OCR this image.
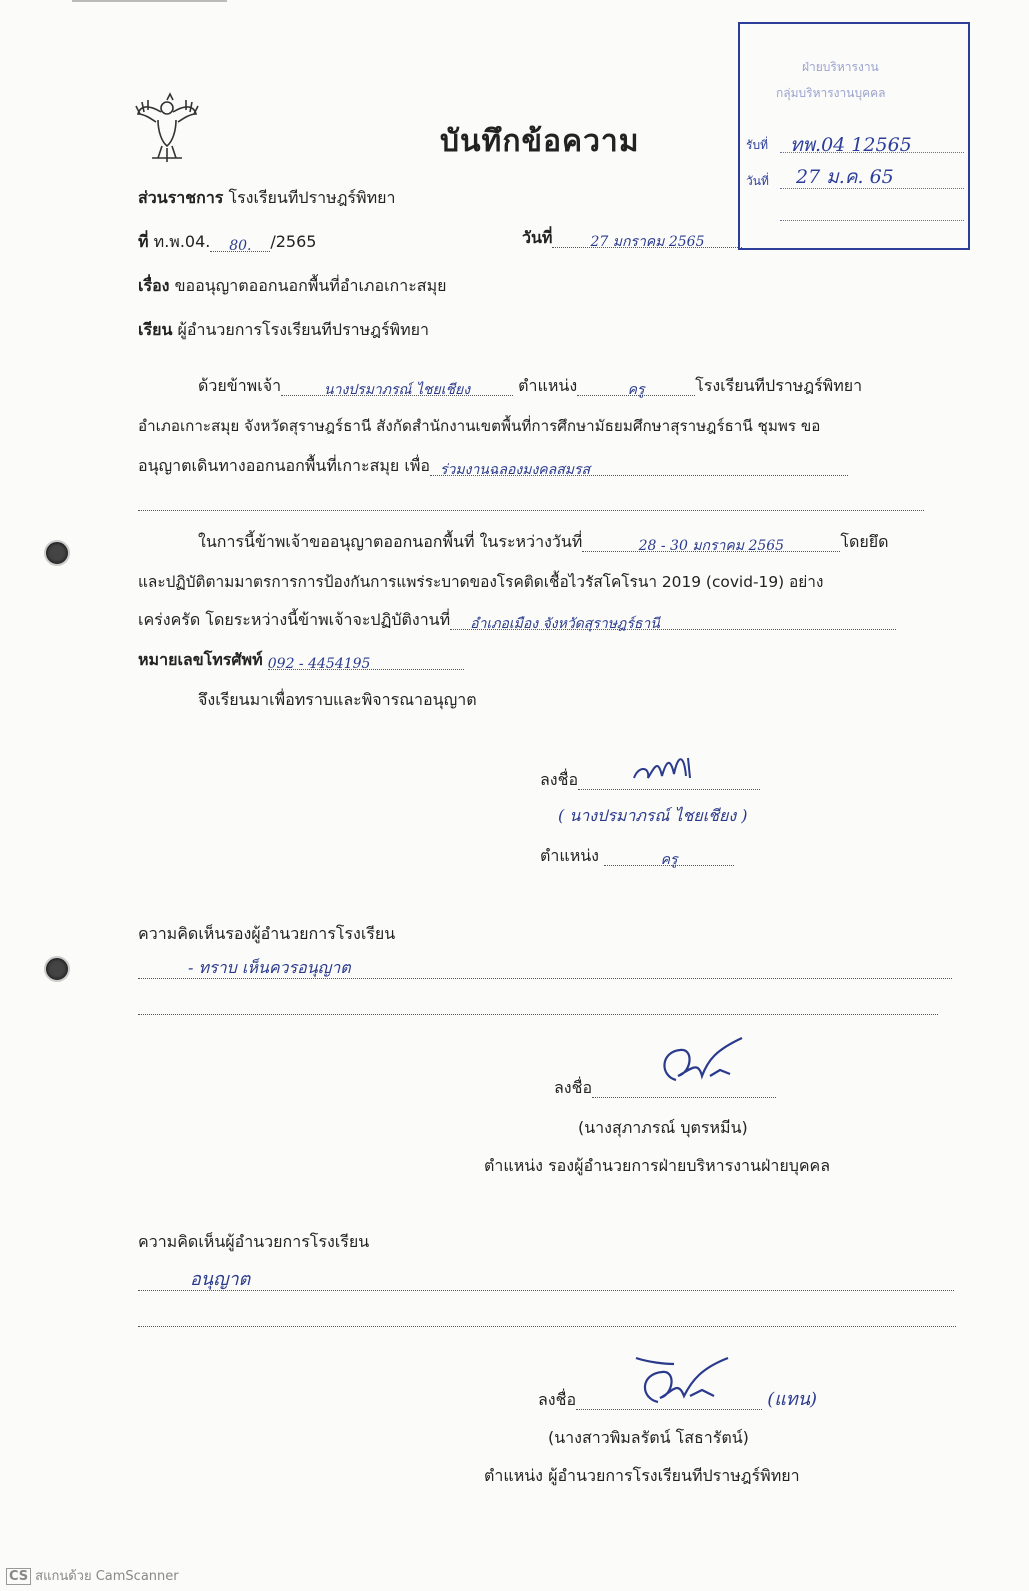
บันทึกข้อความ
ฝ่ายบริหารงาน
กลุ่มบริหารงานบุคคล
รับที่ ทพ.04 12565
วันที่ 27 ม.ค. 65
ส่วนราชการ โรงเรียนทีปราษฎร์พิทยา
ที่ ท.พ.04. 80. /2565	วันที่	27 มกราคม 2565
เรื่อง ขออนุญาตออกนอกพื้นที่อำเภอเกาะสมุย
เรียน ผู้อำนวยการโรงเรียนทีปราษฎร์พิทยา
ด้วยข้าพเจ้า	นางปรมาภรณ์ ไชยเชียง	ตำแหน่ง	ครู	โรงเรียนทีปราษฎร์พิทยา
อำเภอเกาะสมุย จังหวัดสุราษฎร์ธานี สังกัดสำนักงานเขตพื้นที่การศึกษามัธยมศึกษาสุราษฎร์ธานี ชุมพร ขอ
อนุญาตเดินทางออกนอกพื้นที่เกาะสมุย เพื่อ ร่วมงานฉลองมงคลสมรส
ในการนี้ข้าพเจ้าขออนุญาตออกนอกพื้นที่ ในระหว่างวันที่	28 - 30 มกราคม 2565	โดยยึด
และปฏิบัติตามมาตรการการป้องกันการแพร่ระบาดของโรคติดเชื้อไวรัสโคโรนา 2019 (covid-19) อย่าง
เคร่งครัด โดยระหว่างนี้ข้าพเจ้าจะปฏิบัติงานที่ อำเภอเมือง จังหวัดสุราษฎร์ธานี
หมายเลขโทรศัพท์ 092 - 4454195
จึงเรียนมาเพื่อทราบและพิจารณาอนุญาต
ลงชื่อ
( นางปรมาภรณ์ ไชยเชียง )
ตำแหน่ง	ครู
ความคิดเห็นรองผู้อำนวยการโรงเรียน
- ทราบ เห็นควรอนุญาต
ลงชื่อ
(นางสุภาภรณ์ บุตรหมีน)
ตำแหน่ง รองผู้อำนวยการฝ่ายบริหารงานฝ่ายบุคคล
ความคิดเห็นผู้อำนวยการโรงเรียน
อนุญาต
ลงชื่อ	(แทน)
(นางสาวพิมลรัตน์ โสธารัตน์)
ตำแหน่ง ผู้อำนวยการโรงเรียนทีปราษฎร์พิทยา
CS สแกนด้วย CamScanner
